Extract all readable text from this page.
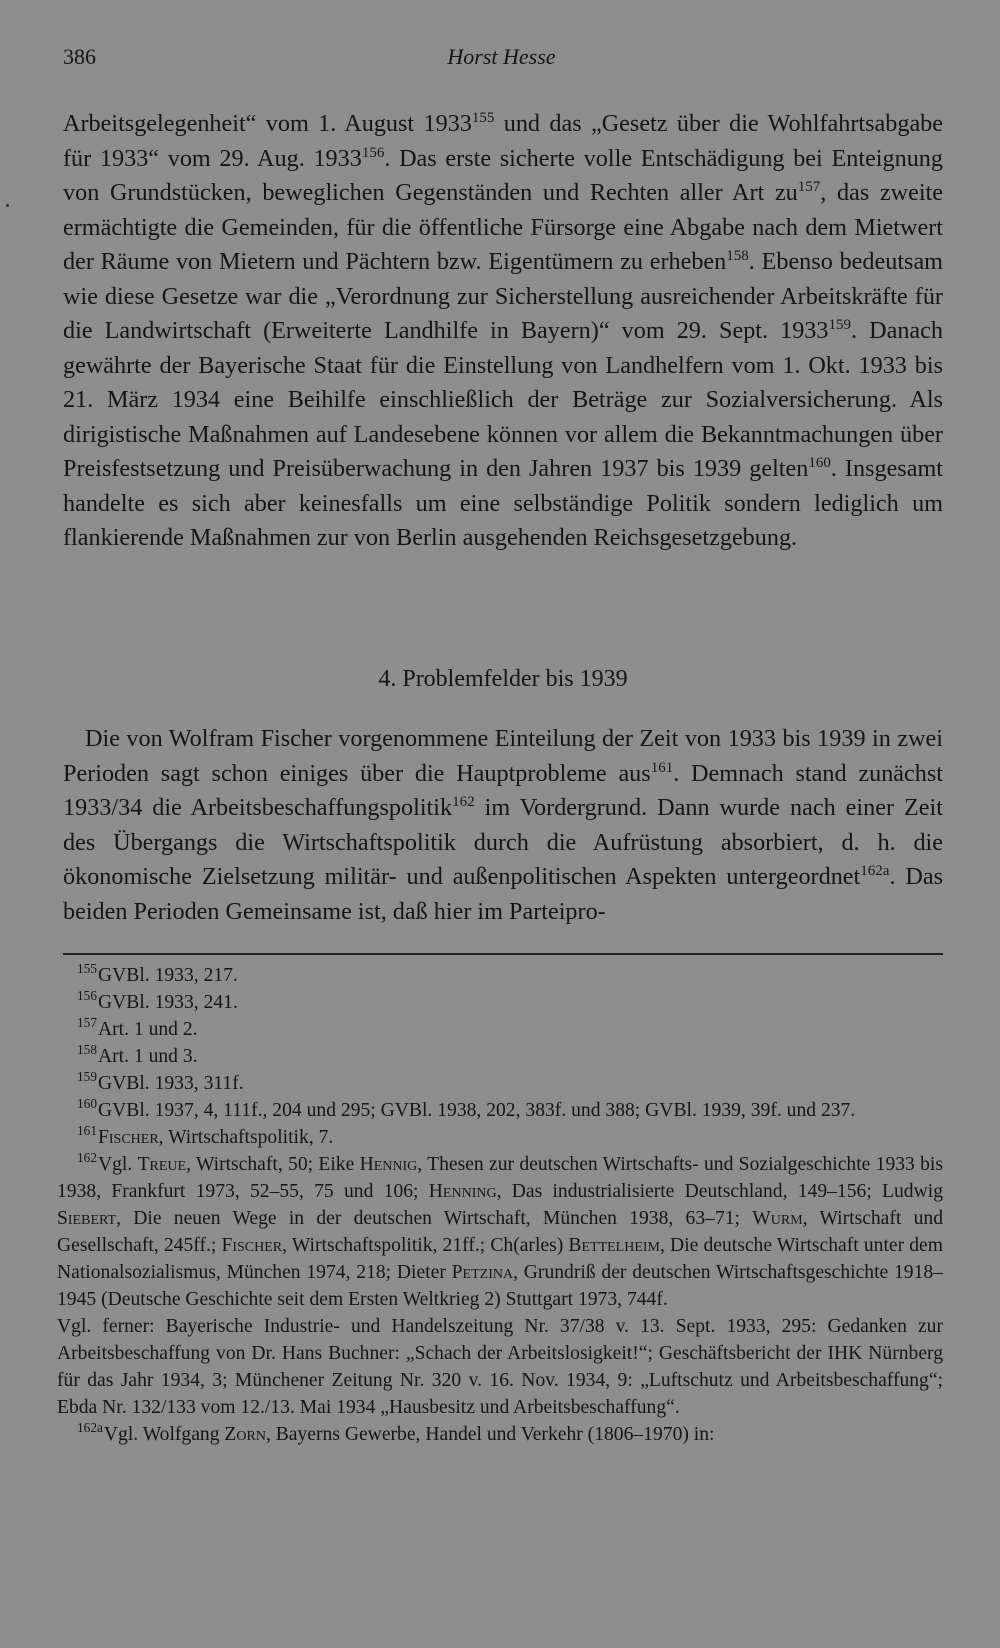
386	Horst Hesse

Arbeitsgelegenheit“ vom 1. August 1933$^{155}$ und das „Gesetz über die Wohlfahrtsabgabe für 1933“ vom 29. Aug. 1933$^{156}$. Das erste sicherte volle Entschädigung bei Enteignung von Grundstücken, beweglichen Gegenständen und Rechten aller Art $zu^{157}$, das zweite ermächtigte die Gemeinden, für die öffentliche Fürsorge eine Abgabe nach dem Mietwert der Räume von Mietern und Pächtern bzw. Eigentümern zu erheben$^{158}$. Ebenso bedeutsam wie diese Gesetze war die „Verordnung zur Sicherstellung ausreichender Arbeitskräfte für die Landwirtschaft (Erweiterte Landhilfe in Bayern)“ vom 29. Sept. 1933$^{159}$. Danach gewährte der Bayerische Staat für die Einstellung von Landhelfern vom 1. Okt. 1933 bis 21. März 1934 eine Beihilfe einschließlich der Beträge zur Sozialversicherung. Als dirigistische Maßnahmen auf Landesebene können vor allem die Bekanntmachungen über Preisfestsetzung und Preisüberwachung in den Jahren 1937 bis 1939 gelten$^{160}$. Insgesamt handelte es sich aber keinesfalls um eine selbständige Politik sondern lediglich um flankierende Maßnahmen zur von Berlin ausgehenden Reichsgesetzgebung.

4. Problemfelder bis 1939

Die von Wolfram Fischer vorgenommene Einteilung der Zeit von 1933 bis 1939 in zwei Perioden sagt schon einiges über die Hauptprobleme aus$^{161}$. Demnach stand zunächst 1933/34 die Arbeitsbeschaffungspolitik$^{162}$ im Vordergrund. Dann wurde nach einer Zeit des Übergangs die Wirtschaftspolitik durch die Aufrüstung absorbiert, d. h. die ökonomische Zielsetzung militär- und außenpolitischen Aspekten untergeordnet$^{162a}$. Das beiden Perioden Gemeinsame ist, daß hier im Parteipro-

$^{155}$GVBl. 1933, 217.

$^{156}$GVBl. 1933, 241.

$^{157}$Art. 1 und 2.

$^{158}$Art. 1 und 3.

$^{159}$GVBl. 1933, 311f.

$^{160}$GVBl. 1937, 4, 111f., 204 und 295; GVBl. 1938, 202, 383f. und 388; GVBl. 1939, 39f. und 237.

$^{161}$Fischer, Wirtschaftspolitik, 7.

$^{162}$Vgl. Treue, Wirtschaft, 50; Eike Hennig, Thesen zur deutschen Wirtschafts- und Sozialgeschichte 1933 bis 1938, Frankfurt 1973, 52–55, 75 und 106; Henning, Das industrialisierte Deutschland, 149–156; Ludwig Siebert, Die neuen Wege in der deutschen Wirtschaft, München 1938, 63–71; Wurm, Wirtschaft und Gesellschaft, 245ff.; Fischer, Wirtschaftspolitik, 21ff.; Ch(arles) Bettelheim, Die deutsche Wirtschaft unter dem Nationalsozialismus, München 1974, 218; Dieter Petzina, Grundriß der deutschen Wirtschaftsgeschichte 1918–1945 (Deutsche Geschichte seit dem Ersten Weltkrieg 2) Stuttgart 1973, 744f.

Vgl. ferner: Bayerische Industrie- und Handelszeitung Nr. 37/38 v. 13. Sept. 1933, 295: Gedanken zur Arbeitsbeschaffung von Dr. Hans Buchner: „Schach der Arbeitslosigkeit!“; Geschäftsbericht der IHK Nürnberg für das Jahr 1934, 3; Münchener Zeitung Nr. 320 v. 16. Nov. 1934, 9: „Luftschutz und Arbeitsbeschaffung“; Ebda Nr. 132/133 vom 12./13. Mai 1934 „Hausbesitz und Arbeitsbeschaffung“.

$^{162a}$Vgl. Wolfgang Zorn, Bayerns Gewerbe, Handel und Verkehr (1806–1970) in:
